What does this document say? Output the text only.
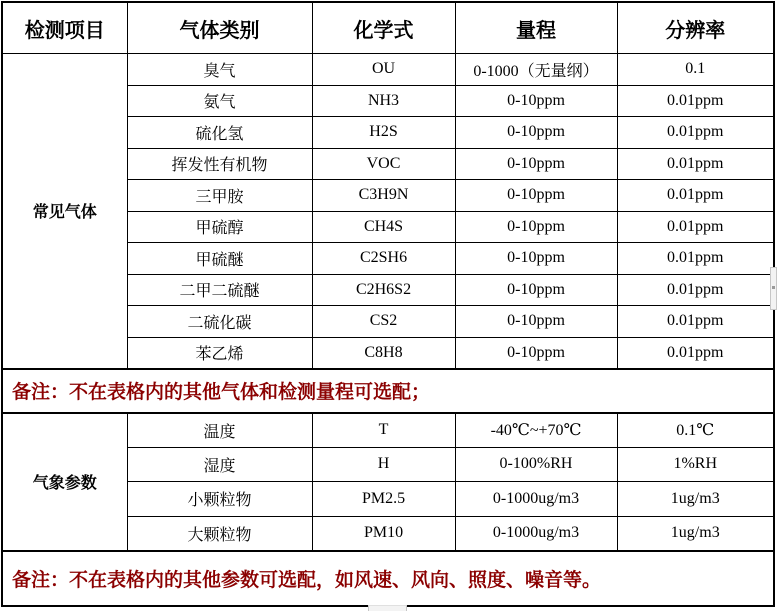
检测项目	气体类别	化学式	量程	分辨率
常见气体	臭气	OU	0-1000（无量纲）	0.1
	氨气	NH3	0-10ppm	0.01ppm
	硫化氢	H2S	0-10ppm	0.01ppm
	挥发性有机物	VOC	0-10ppm	0.01ppm
	三甲胺	C3H9N	0-10ppm	0.01ppm
	甲硫醇	CH4S	0-10ppm	0.01ppm
	甲硫醚	C2SH6	0-10ppm	0.01ppm
	二甲二硫醚	C2H6S2	0-10ppm	0.01ppm
	二硫化碳	CS2	0-10ppm	0.01ppm
	苯乙烯	C8H8	0-10ppm	0.01ppm
备注：不在表格内的其他气体和检测量程可选配；				
气象参数	温度	T	-40℃~+70℃	0.1℃
	湿度	H	0-100%RH	1%RH
	小颗粒物	PM2.5	0-1000ug/m3	1ug/m3
	大颗粒物	PM10	0-1000ug/m3	1ug/m3
备注：不在表格内的其他参数可选配，如风速、风向、照度、噪音等。				
